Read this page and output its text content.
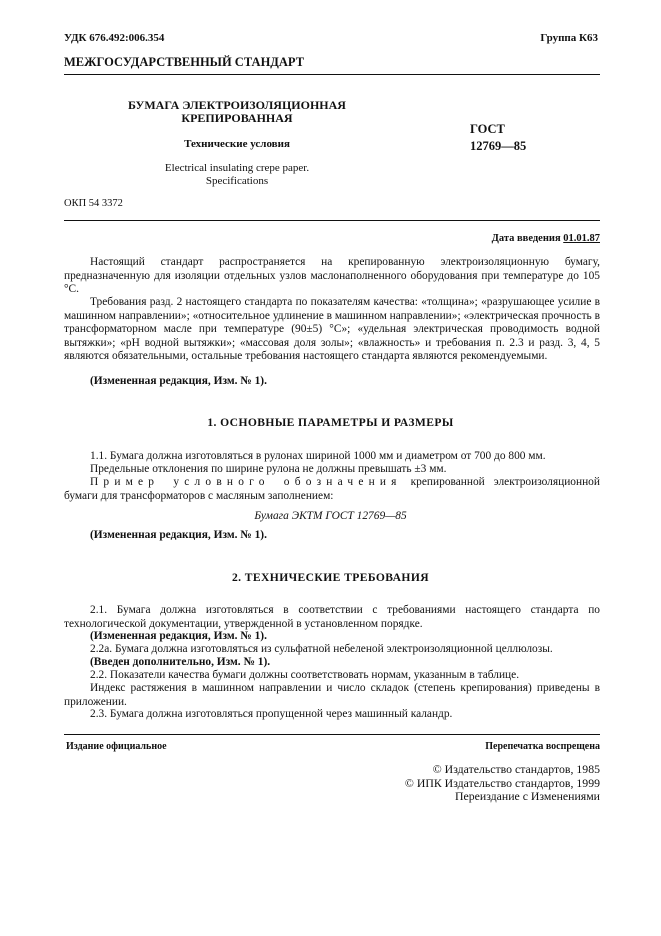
УДК 676.492:006.354	Группа К63
МЕЖГОСУДАРСТВЕННЫЙ СТАНДАРТ
БУМАГА ЭЛЕКТРОИЗОЛЯЦИОННАЯ
КРЕПИРОВАННАЯ
Технические условия
Electrical insulating crepe paper.
Specifications
ГОСТ
12769—85
ОКП 54 3372
Дата введения 01.01.87

Настоящий стандарт распространяется на крепированную электроизоляционную бумагу, предназначенную для изоляции отдельных узлов маслонаполненного оборудования при температуре до 105 °С.

Требования разд. 2 настоящего стандарта по показателям качества: «толщина»; «разрушающее усилие в машинном направлении»; «относительное удлинение в машинном направлении»; «электрическая прочность в трансформаторном масле при температуре (90±5) °С»; «удельная электрическая проводимость водной вытяжки»; «рН водной вытяжки»; «массовая доля золы»; «влажность» и требования п. 2.3 и разд. 3, 4, 5 являются обязательными, остальные требования настоящего стандарта являются рекомендуемыми.

(Измененная редакция, Изм. № 1).

1. ОСНОВНЫЕ ПАРАМЕТРЫ И РАЗМЕРЫ

1.1. Бумага должна изготовляться в рулонах шириной 1000 мм и диаметром от 700 до 800 мм.

Предельные отклонения по ширине рулона не должны превышать ±3 мм.

Пример условного обозначения крепированной электроизоляционной бумаги для трансформаторов с масляным заполнением:

Бумага ЭКТМ ГОСТ 12769—85

(Измененная редакция, Изм. № 1).

2. ТЕХНИЧЕСКИЕ ТРЕБОВАНИЯ

2.1. Бумага должна изготовляться в соответствии с требованиями настоящего стандарта по технологической документации, утвержденной в установленном порядке.

(Измененная редакция, Изм. № 1).

2.2а. Бумага должна изготовляться из сульфатной небеленой электроизоляционной целлюлозы.

(Введен дополнительно, Изм. № 1).

2.2. Показатели качества бумаги должны соответствовать нормам, указанным в таблице.

Индекс растяжения в машинном направлении и число складок (степень крепирования) приведены в приложении.

2.3. Бумага должна изготовляться пропущенной через машинный каландр.

Издание официальное	Перепечатка воспрещена
© Издательство стандартов, 1985
© ИПК Издательство стандартов, 1999
Переиздание с Изменениями
